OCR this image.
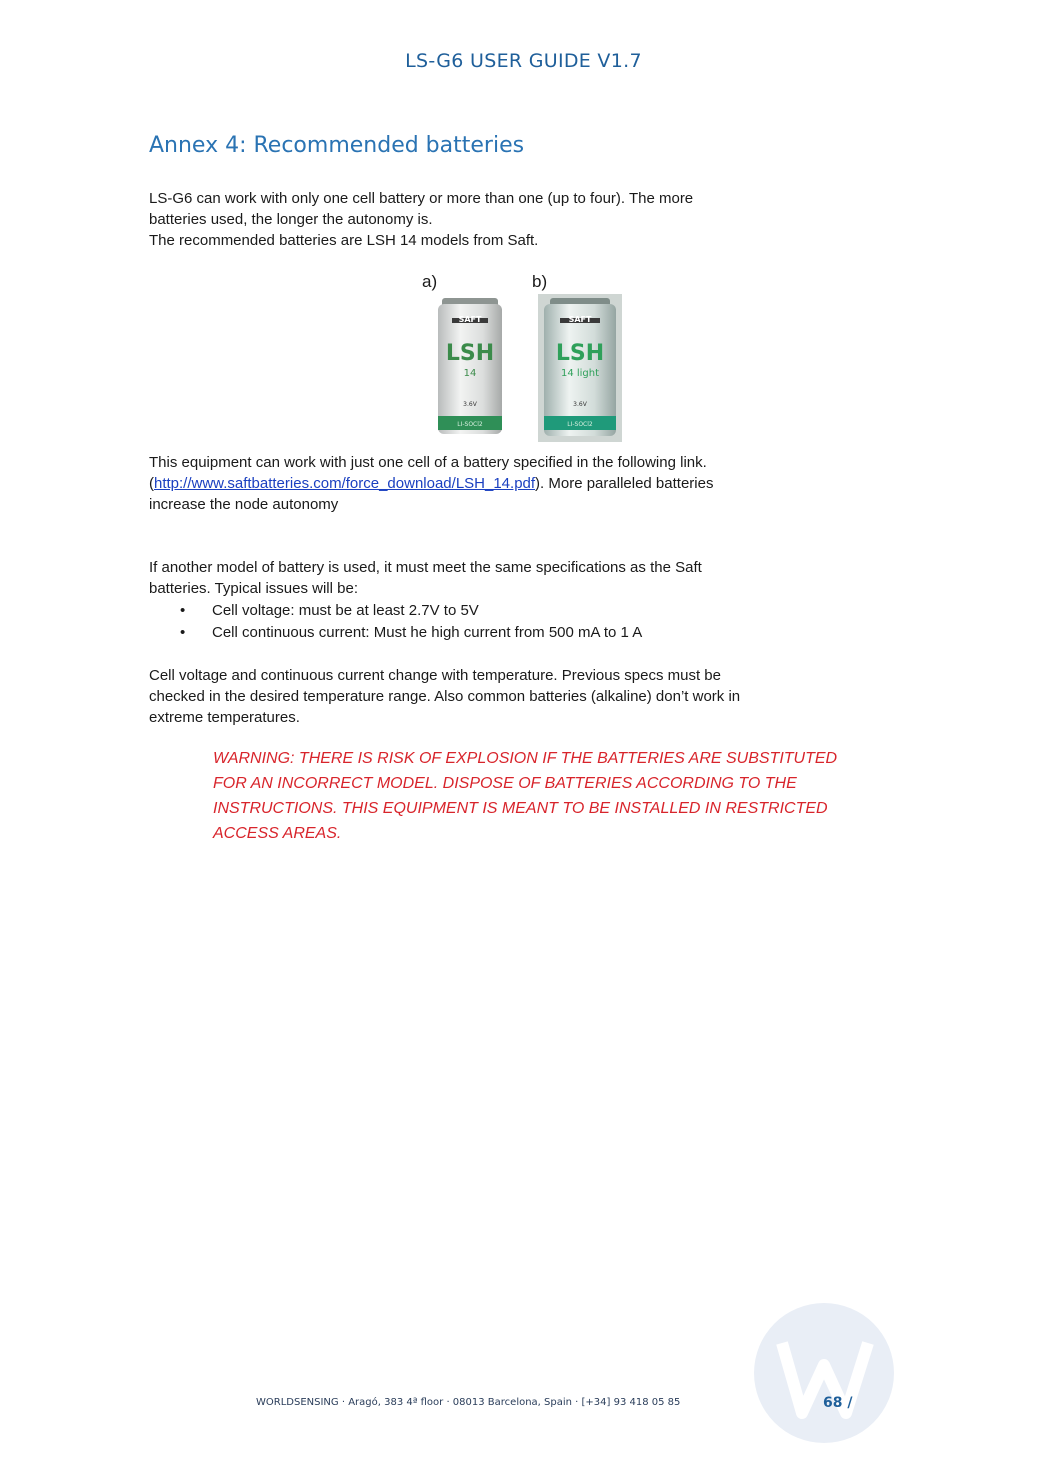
LS-G6 USER GUIDE V1.7
Annex 4: Recommended batteries
LS-G6 can work with only one cell battery or more than one (up to four). The more
batteries used, the longer the autonomy is.
The recommended batteries are LSH 14 models from Saft.
a)	b)
SAFT
LSH
14
3.6V
LI-SOCl2
SAFT
LSH
14 light
3.6V
LI-SOCl2
This equipment can work with just one cell of a battery specified in the following link.
(http://www.saftbatteries.com/force_download/LSH_14.pdf). More paralleled batteries
increase the node autonomy
If another model of battery is used, it must meet the same specifications as the Saft
batteries. Typical issues will be:
• Cell voltage: must be at least 2.7V to 5V
• Cell continuous current: Must he high current from 500 mA to 1 A
Cell voltage and continuous current change with temperature. Previous specs must be
checked in the desired temperature range. Also common batteries (alkaline) don’t work in
extreme temperatures.
WARNING: THERE IS RISK OF EXPLOSION IF THE BATTERIES ARE SUBSTITUTED
FOR AN INCORRECT MODEL. DISPOSE OF BATTERIES ACCORDING TO THE
INSTRUCTIONS. THIS EQUIPMENT IS MEANT TO BE INSTALLED IN RESTRICTED
ACCESS AREAS.
WORLDSENSING · Aragó, 383 4ª floor · 08013 Barcelona, Spain · [+34] 93 418 05 85	68 /
